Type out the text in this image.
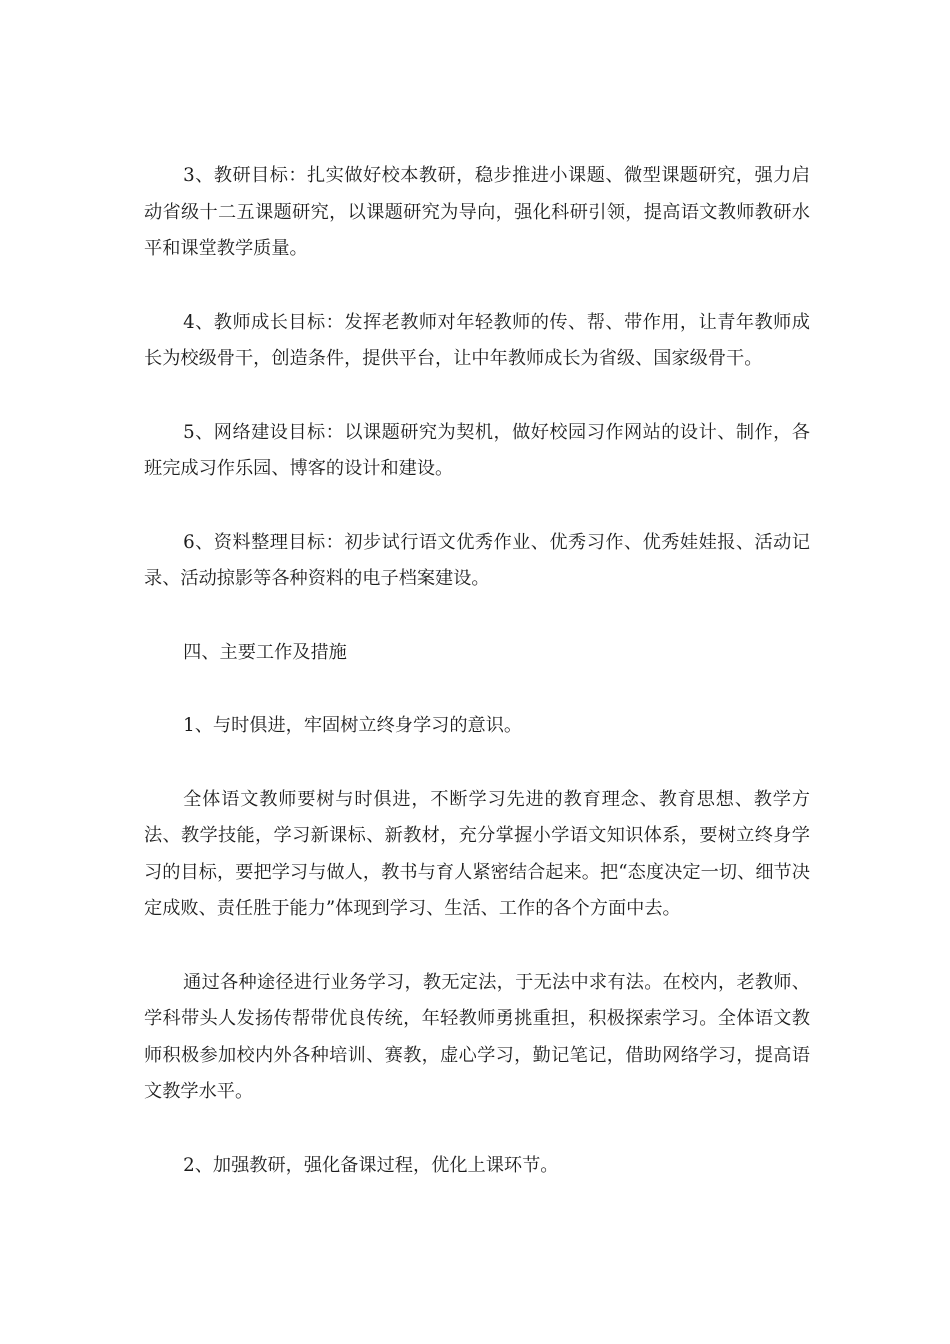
3、教研目标：扎实做好校本教研，稳步推进小课题、微型课题研究，强力启动省级十二五课题研究，以课题研究为导向，强化科研引领，提高语文教师教研水平和课堂教学质量。

4、教师成长目标：发挥老教师对年轻教师的传、帮、带作用，让青年教师成长为校级骨干，创造条件，提供平台，让中年教师成长为省级、国家级骨干。

5、网络建设目标：以课题研究为契机，做好校园习作网站的设计、制作，各班完成习作乐园、博客的设计和建设。

6、资料整理目标：初步试行语文优秀作业、优秀习作、优秀娃娃报、活动记录、活动掠影等各种资料的电子档案建设。

四、主要工作及措施

1、与时俱进，牢固树立终身学习的意识。

全体语文教师要树与时俱进，不断学习先进的教育理念、教育思想、教学方法、教学技能，学习新课标、新教材，充分掌握小学语文知识体系，要树立终身学习的目标，要把学习与做人，教书与育人紧密结合起来。把“态度决定一切、细节决定成败、责任胜于能力”体现到学习、生活、工作的各个方面中去。

通过各种途径进行业务学习，教无定法，于无法中求有法。在校内，老教师、学科带头人发扬传帮带优良传统，年轻教师勇挑重担，积极探索学习。全体语文教师积极参加校内外各种培训、赛教，虚心学习，勤记笔记，借助网络学习，提高语文教学水平。

2、加强教研，强化备课过程，优化上课环节。
